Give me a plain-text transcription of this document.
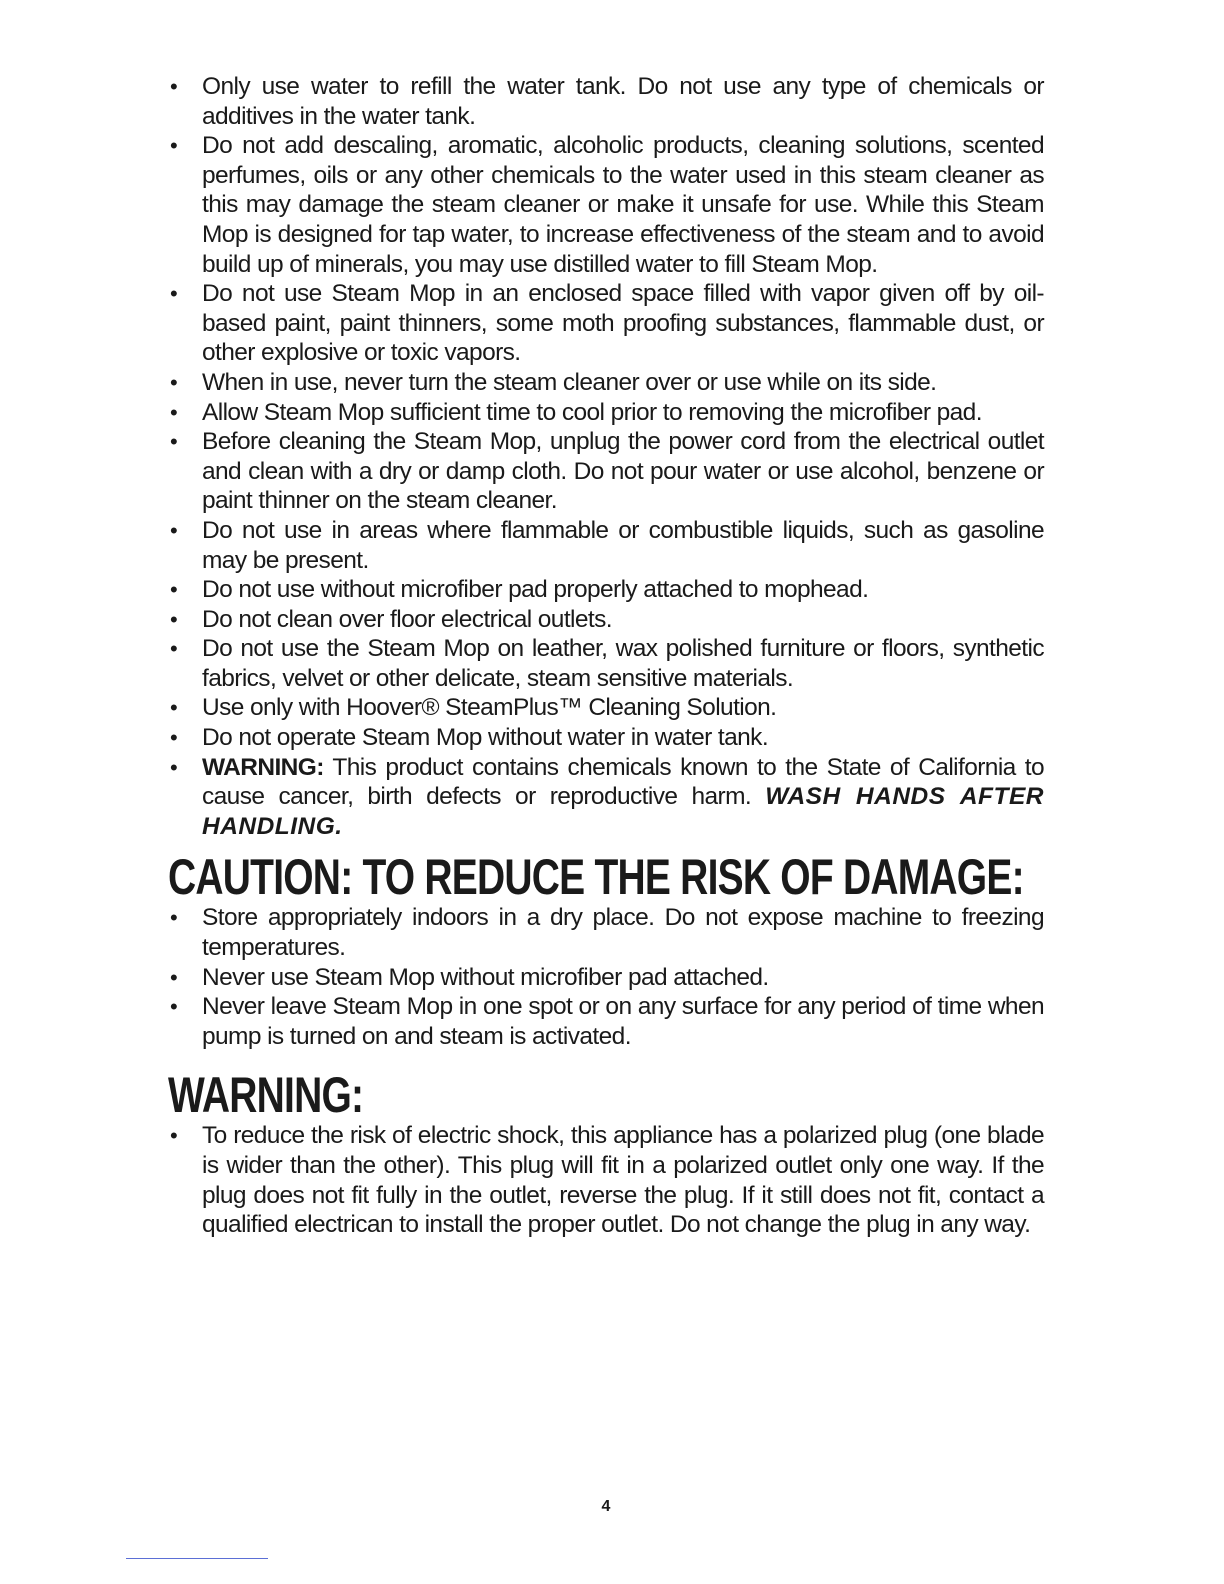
•	Only use water to refill the water tank. Do not use any type of chemicals or additives in the water tank.
•	Do not add descaling, aromatic, alcoholic products, cleaning solutions, scented perfumes, oils or any other chemicals to the water used in this steam cleaner as this may damage the steam cleaner or make it unsafe for use. While this Steam Mop is designed for tap water, to increase effectiveness of the steam and to avoid build up of minerals, you may use distilled water to fill Steam Mop.
•	Do not use Steam Mop in an enclosed space filled with vapor given off by oil-based paint, paint thinners, some moth proofing substances, flammable dust, or other explosive or toxic vapors.
•	When in use, never turn the steam cleaner over or use while on its side.
•	Allow Steam Mop sufficient time to cool prior to removing the microfiber pad.
•	Before cleaning the Steam Mop, unplug the power cord from the electrical outlet and clean with a dry or damp cloth. Do not pour water or use alcohol, benzene or paint thinner on the steam cleaner.
•	Do not use in areas where flammable or combustible liquids, such as gasoline may be present.
•	Do not use without microfiber pad properly attached to mophead.
•	Do not clean over floor electrical outlets.
•	Do not use the Steam Mop on leather, wax polished furniture or floors, synthetic fabrics, velvet or other delicate, steam sensitive materials.
•	Use only with Hoover® SteamPlus™ Cleaning Solution.
•	Do not operate Steam Mop without water in water tank.
•	WARNING: This product contains chemicals known to the State of California to cause cancer, birth defects or reproductive harm. WASH HANDS AFTER HANDLING.
CAUTION: TO REDUCE THE RISK OF DAMAGE:
•	Store appropriately indoors in a dry place. Do not expose machine to freezing temperatures.
•	Never use Steam Mop without microfiber pad attached.
•	Never leave Steam Mop in one spot or on any surface for any period of time when pump is turned on and steam is activated.
WARNING:
•	To reduce the risk of electric shock, this appliance has a polarized plug (one blade is wider than the other). This plug will fit in a polarized outlet only one way. If the plug does not fit fully in the outlet, reverse the plug. If it still does not fit, contact a qualified electrican to install the proper outlet. Do not change the plug in any way.
4
